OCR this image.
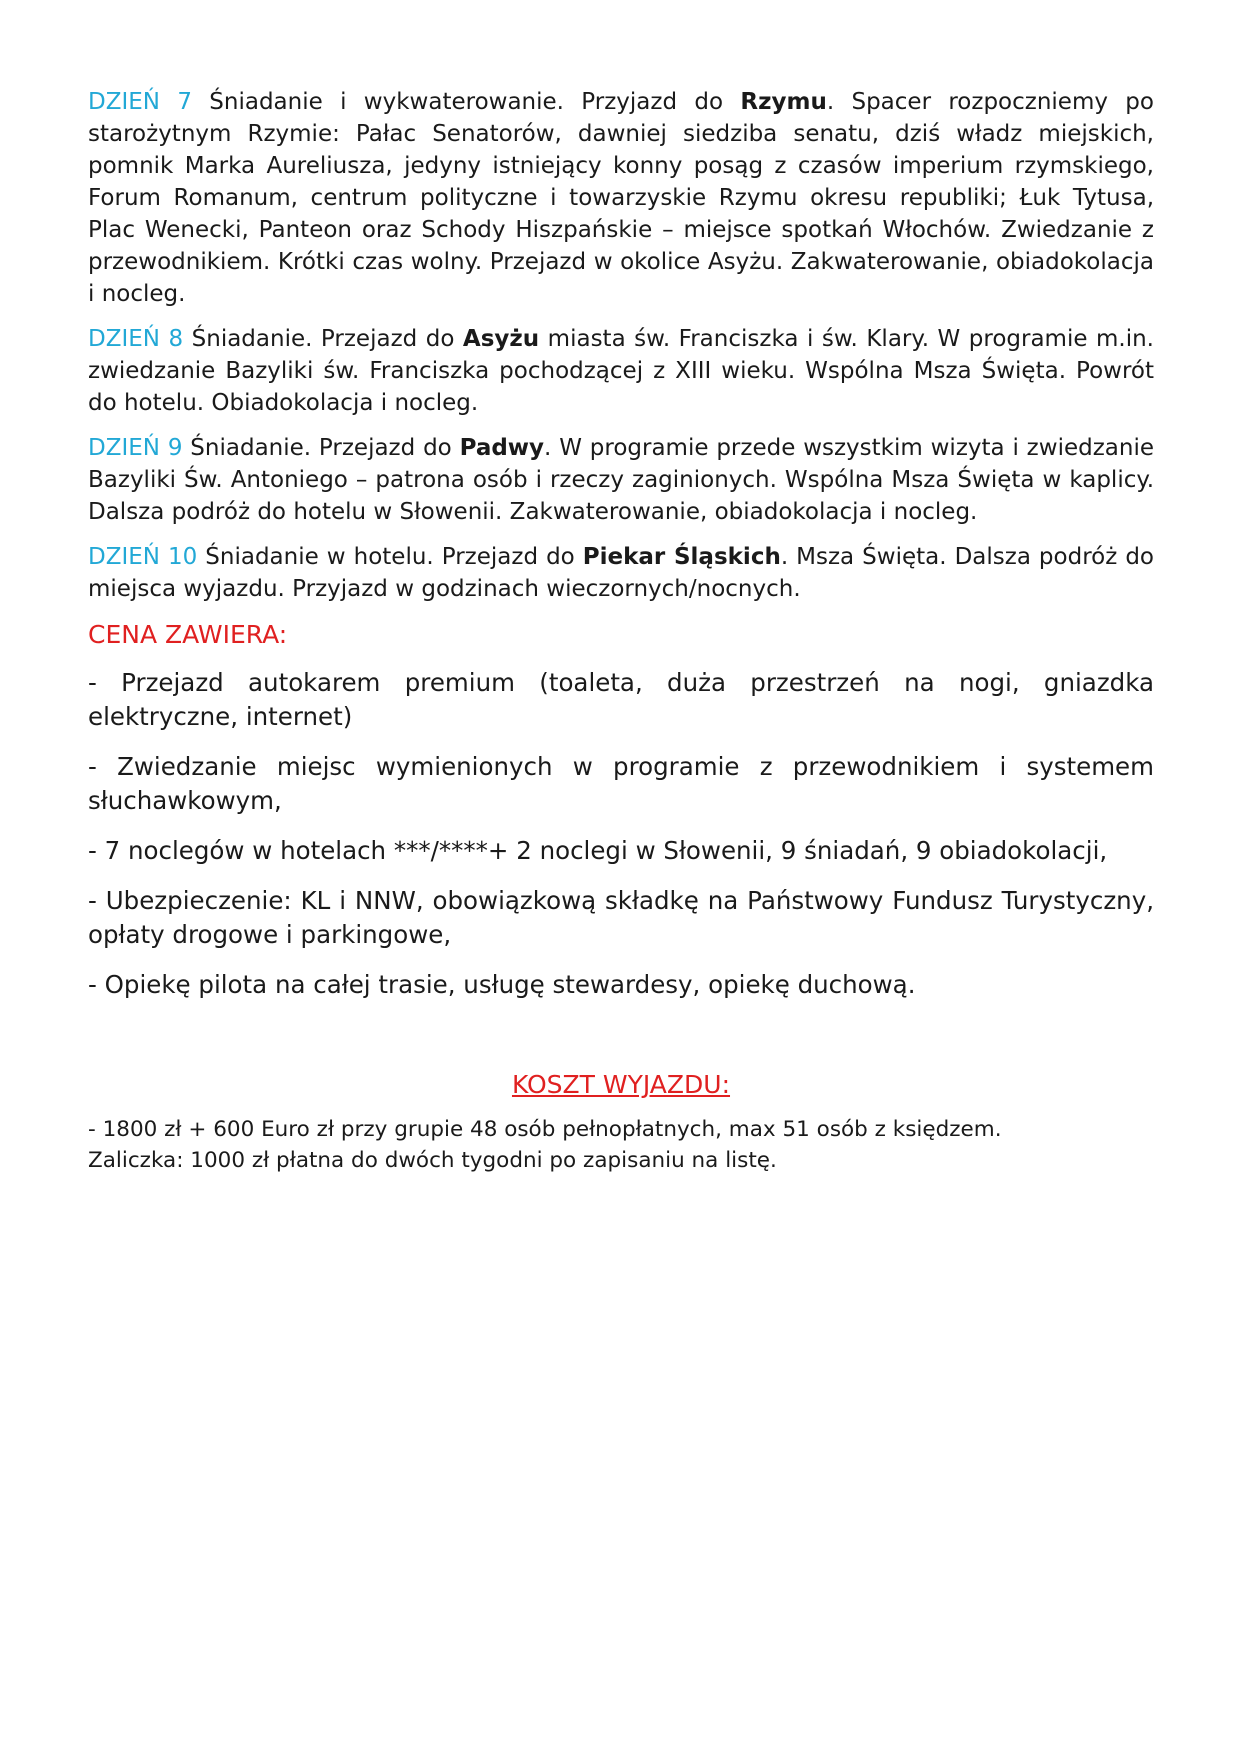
DZIEŃ 7 Śniadanie i wykwaterowanie. Przyjazd do Rzymu. Spacer rozpoczniemy po starożytnym Rzymie: Pałac Senatorów, dawniej siedziba senatu, dziś władz miejskich, pomnik Marka Aureliusza, jedyny istniejący konny posąg z czasów imperium rzymskiego, Forum Romanum, centrum polityczne i towarzyskie Rzymu okresu republiki; Łuk Tytusa, Plac Wenecki, Panteon oraz Schody Hiszpańskie – miejsce spotkań Włochów. Zwiedzanie z przewodnikiem. Krótki czas wolny. Przejazd w okolice Asyżu. Zakwaterowanie, obiadokolacja i nocleg.

DZIEŃ 8 Śniadanie. Przejazd do Asyżu miasta św. Franciszka i św. Klary. W programie m.in. zwiedzanie Bazyliki św. Franciszka pochodzącej z XIII wieku. Wspólna Msza Święta. Powrót do hotelu. Obiadokolacja i nocleg.

DZIEŃ 9 Śniadanie. Przejazd do Padwy. W programie przede wszystkim wizyta i zwiedzanie Bazyliki Św. Antoniego – patrona osób i rzeczy zaginionych. Wspólna Msza Święta w kaplicy. Dalsza podróż do hotelu w Słowenii. Zakwaterowanie, obiadokolacja i nocleg.

DZIEŃ 10 Śniadanie w hotelu. Przejazd do Piekar Śląskich. Msza Święta. Dalsza podróż do miejsca wyjazdu. Przyjazd w godzinach wieczornych/nocnych.

CENA ZAWIERA:

- Przejazd autokarem premium (toaleta, duża przestrzeń na nogi, gniazdka elektryczne, internet)

- Zwiedzanie miejsc wymienionych w programie z przewodnikiem i systemem słuchawkowym,

- 7 noclegów w hotelach ***/****+ 2 noclegi w Słowenii, 9 śniadań, 9 obiadokolacji,

- Ubezpieczenie: KL i NNW, obowiązkową składkę na Państwowy Fundusz Turystyczny, opłaty drogowe i parkingowe,

- Opiekę pilota na całej trasie, usługę stewardesy, opiekę duchową.

KOSZT WYJAZDU:

- 1800 zł + 600 Euro zł przy grupie 48 osób pełnopłatnych, max 51 osób z księdzem.

Zaliczka: 1000 zł płatna do dwóch tygodni po zapisaniu na listę.
